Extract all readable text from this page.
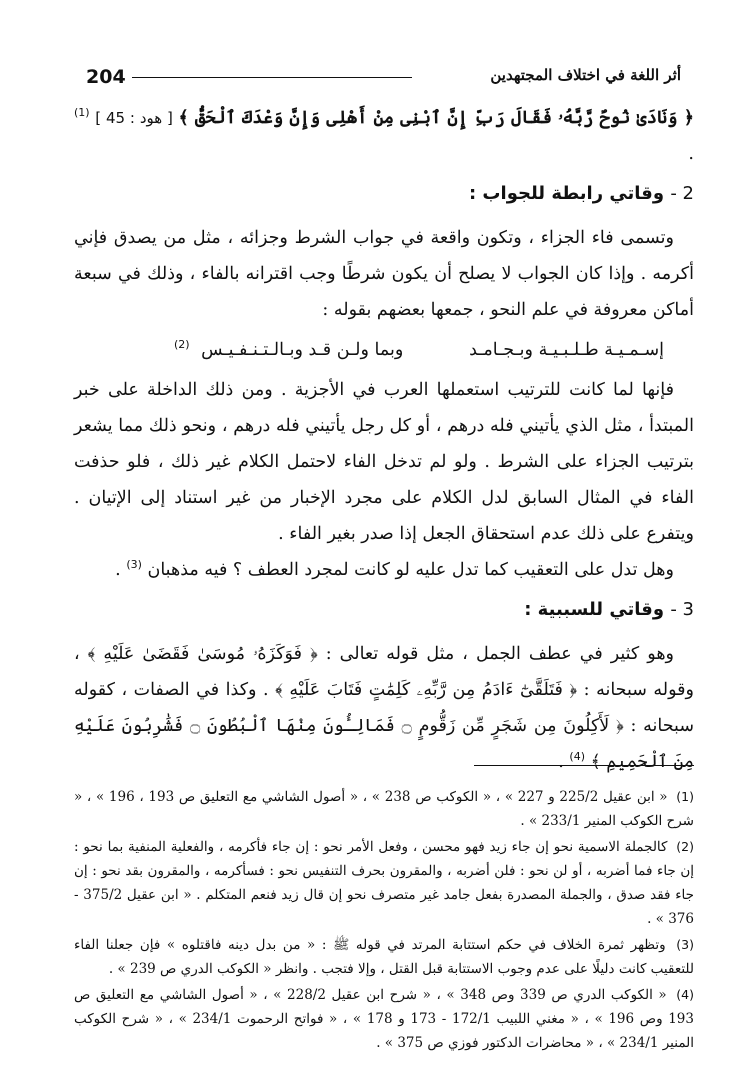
204	أثر اللغة في اختلاف المجتهدين

﴿ وَنَادَىٰ نُوحٌ رَّبَّهُۥ فَقَالَ رَبِّ إِنَّ ٱبْنِى مِنْ أَهْلِى وَإِنَّ وَعْدَكَ ٱلْحَقُّ ﴾ [ هود : 45 ] $^{(1)}$ .

2 - وقاتي رابطة للجواب :

وتسمى فاء الجزاء ، وتكون واقعة في جواب الشرط وجزائه ، مثل من يصدق فإني أكرمه . وإذا كان الجواب لا يصلح أن يكون شرطًا وجب اقترانه بالفاء ، وذلك في سبعة أماكن معروفة في علم النحو ، جمعها بعضهم بقوله :

إسـمـيـة طـلـبـيـة وبـجـامـد
وبما ولـن قـد وبـالـتـنـفـيـس $^{(2)}$

فإنها لما كانت للترتيب استعملها العرب في الأجزية . ومن ذلك الداخلة على خبر المبتدأ ، مثل الذي يأتيني فله درهم ، أو كل رجل يأتيني فله درهم ، ونحو ذلك مما يشعر بترتيب الجزاء على الشرط . ولو لم تدخل الفاء لاحتمل الكلام غير ذلك ، فلو حذفت الفاء في المثال السابق لدل الكلام على مجرد الإخبار من غير استناد إلى الإتيان . ويتفرع على ذلك عدم استحقاق الجعل إذا صدر بغير الفاء .

وهل تدل على التعقيب كما تدل عليه لو كانت لمجرد العطف ؟ فيه مذهبان $^{(3)}$ .

3 - وقاتي للسببية :

وهو كثير في عطف الجمل ، مثل قوله تعالى : ﴿ فَوَكَزَهُۥ مُوسَىٰ فَقَضَىٰ عَلَيْهِ ﴾ ، وقوله سبحانه : ﴿ فَتَلَقَّىٰٓ ءَادَمُ مِن رَّبِّهِۦ كَلِمَٰتٍ فَتَابَ عَلَيْهِ ﴾ . وكذا في الصفات ، كقوله سبحانه : ﴿ لَأَكِلُونَ مِن شَجَرٍ مِّن زَقُّومٍ ۝ فَمَالِـُٔونَ مِنْهَا ٱلْبُطُونَ ۝ فَشَٰرِبُونَ عَلَيْهِ مِنَ ٱلْحَمِيمِ ﴾ $^{(4)}$ .

(1) « ابن عقيل 225/2 و 227 » ، « الكوكب ص 238 » ، « أصول الشاشي مع التعليق ص 193 ، 196 » ، « شرح الكوكب المنير 233/1 » .

(2) كالجملة الاسمية نحو إن جاء زيد فهو محسن ، وفعل الأمر نحو : إن جاء فأكرمه ، والفعلية المنفية بما نحو : إن جاء فما أضربه ، أو لن نحو : فلن أضربه ، والمقرون بحرف التنفيس نحو : فسأكرمه ، والمقرون بقد نحو : إن جاء فقد صدق ، والجملة المصدرة بفعل جامد غير متصرف نحو إن قال زيد فنعم المتكلم . « ابن عقيل 375/2 - 376 » .

(3) وتظهر ثمرة الخلاف في حكم استتابة المرتد في قوله ﷺ : « من بدل دينه فاقتلوه » فإن جعلنا الفاء للتعقيب كانت دليلًا على عدم وجوب الاستتابة قبل القتل ، وإلا فتجب . وانظر « الكوكب الدري ص 239 » .

(4) « الكوكب الدري ص 339 وص 348 » ، « شرح ابن عقيل 228/2 » ، « أصول الشاشي مع التعليق ص 193 وص 196 » ، « مغني اللبيب 172/1 - 173 و 178 » ، « فواتح الرحموت 234/1 » ، « شرح الكوكب المنير 234/1 » ، « محاضرات الدكتور فوزي ص 375 » .
